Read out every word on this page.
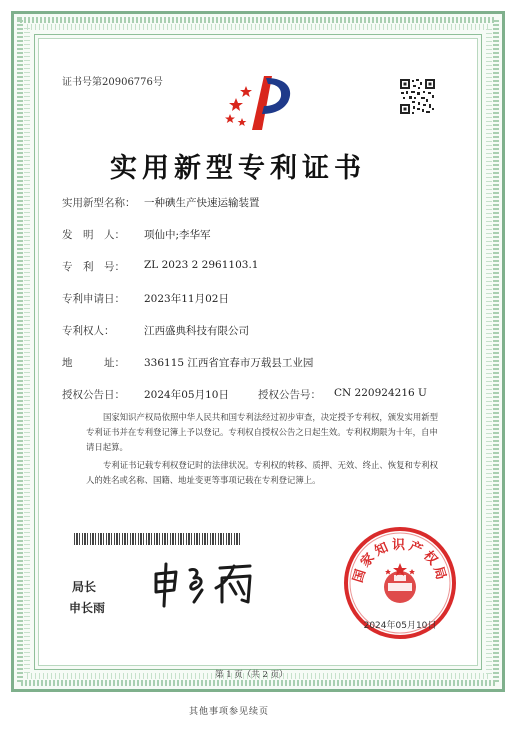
证书号第20906776号
实用新型专利证书
实用新型名称： 一种碘生产快速运输装置
发　明　人： 项仙中;李华军
专　利　号： ZL 2023 2 2961103.1
专利申请日： 2023年11月02日
专利权人：	江西盛典科技有限公司
地　　　址： 336115 江西省宜春市万载县工业园
授权公告日： 2024年05月10日	授权公告号： CN 220924216 U
国家知识产权局依照中华人民共和国专利法经过初步审查，决定授予专利权，颁发实用新型专利证书并在专利登记簿上予以登记。专利权自授权公告之日起生效。专利权期限为十年，自申请日起算。
专利证书记载专利权登记时的法律状况。专利权的转移、质押、无效、终止、恢复和专利权人的姓名或名称、国籍、地址变更等事项记载在专利登记簿上。
局长
申长雨
国家知识产权局
2024年05月10日
第 1 页（共 2 页）
其他事项参见续页
